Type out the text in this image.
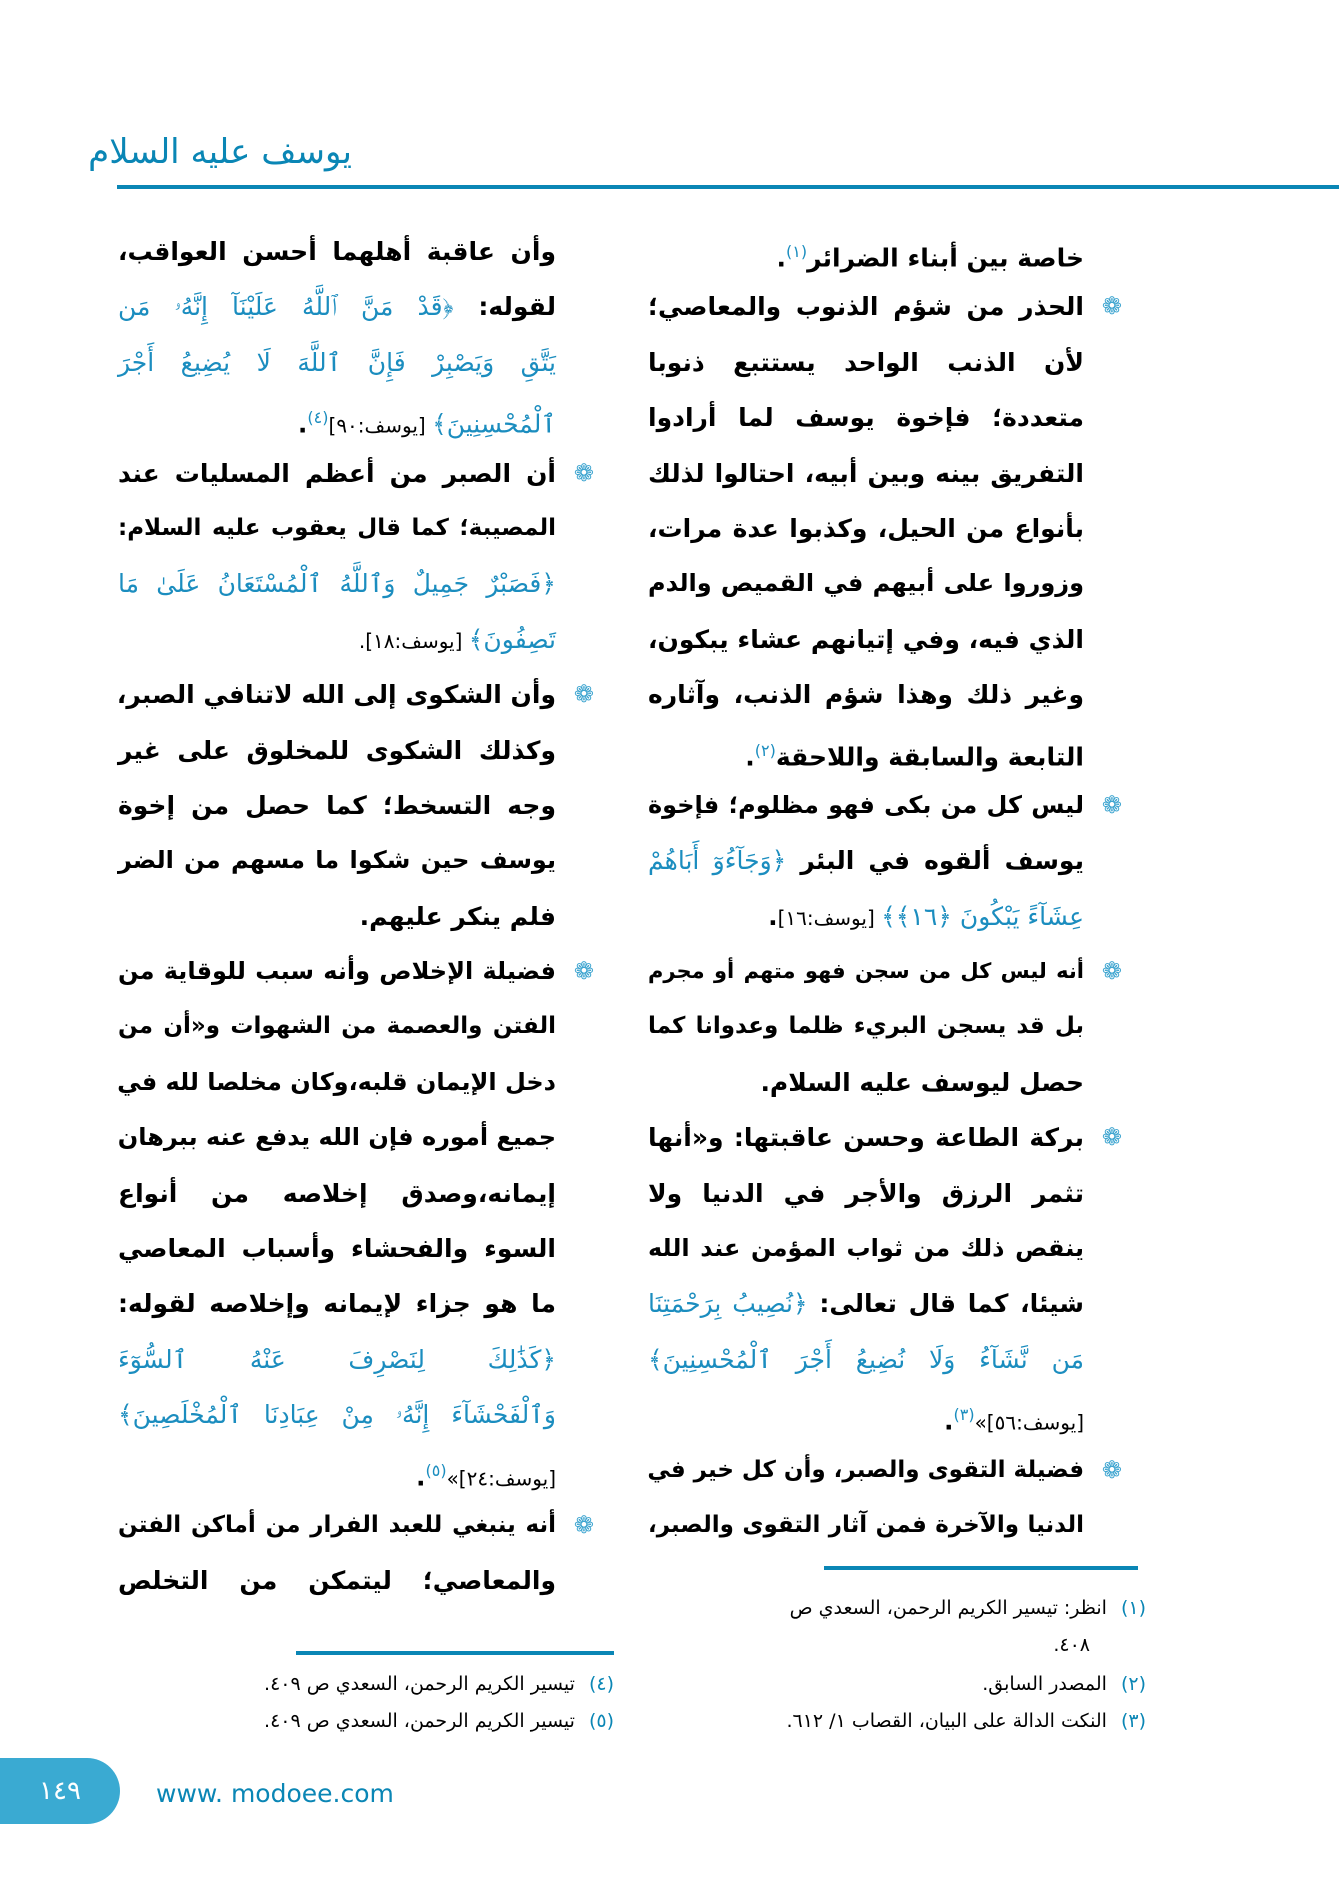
يوسف عليه السلام
خاصة بين أبناء الضرائر$^{(١)}$.
❁
الحذر من شؤم الذنوب والمعاصي؛
لأن الذنب الواحد يستتبع ذنوبا
متعددة؛ فإخوة يوسف لما أرادوا
التفريق بينه وبين أبيه، احتالوا لذلك
بأنواع من الحيل، وكذبوا عدة مرات،
وزوروا على أبيهم في القميص والدم
الذي فيه، وفي إتيانهم عشاء يبكون،
وغير ذلك وهذا شؤم الذنب، وآثاره
التابعة والسابقة واللاحقة$^{(٢)}$.
❁
ليس كل من بكى فهو مظلوم؛ فإخوة
يوسف ألقوه في البئر ﴿وَجَآءُوٓ أَبَاهُمْ
عِشَآءً يَبْكُونَ ﴿١٦﴾﴾ [يوسف:١٦].
❁
أنه ليس كل من سجن فهو متهم أو مجرم
بل قد يسجن البريء ظلما وعدوانا كما
حصل ليوسف عليه السلام.
❁
بركة الطاعة وحسن عاقبتها: و«أنها
تثمر الرزق والأجر في الدنيا ولا
ينقص ذلك من ثواب المؤمن عند الله
شيئا، كما قال تعالى: ﴿نُصِيبُ بِرَحْمَتِنَا
مَن نَّشَآءُ وَلَا نُضِيعُ أَجْرَ ٱلْمُحْسِنِينَ﴾
[يوسف:٥٦]»$^{(٣)}$.
❁
فضيلة التقوى والصبر، وأن كل خير في
الدنيا والآخرة فمن آثار التقوى والصبر،
وأن عاقبة أهلهما أحسن العواقب،
لقوله: ﴿قَدْ مَنَّ ٱللَّهُ عَلَيْنَآ إِنَّهُۥ مَن
يَتَّقِ وَيَصْبِرْ فَإِنَّ ٱللَّهَ لَا يُضِيعُ أَجْرَ
ٱلْمُحْسِنِينَ﴾ [يوسف:٩٠]$^{(٤)}$.
❁
أن الصبر من أعظم المسليات عند
المصيبة؛ كما قال يعقوب عليه السلام:
﴿فَصَبْرٌ جَمِيلٌ وَٱللَّهُ ٱلْمُسْتَعَانُ عَلَىٰ مَا
تَصِفُونَ﴾ [يوسف:١٨].
❁
وأن الشكوى إلى الله لاتنافي الصبر،
وكذلك الشكوى للمخلوق على غير
وجه التسخط؛ كما حصل من إخوة
يوسف حين شكوا ما مسهم من الضر
فلم ينكر عليهم.
❁
فضيلة الإخلاص وأنه سبب للوقاية من
الفتن والعصمة من الشهوات و«أن من
دخل الإيمان قلبه،وكان مخلصا لله في
جميع أموره فإن الله يدفع عنه ببرهان
إيمانه،وصدق إخلاصه من أنواع
السوء والفحشاء وأسباب المعاصي
ما هو جزاء لإيمانه وإخلاصه لقوله:
﴿كَذَٰلِكَ لِنَصْرِفَ عَنْهُ ٱلسُّوٓءَ
وَٱلْفَحْشَآءَ إِنَّهُۥ مِنْ عِبَادِنَا ٱلْمُخْلَصِينَ﴾
[يوسف:٢٤]»$^{(٥)}$.
❁
أنه ينبغي للعبد الفرار من أماكن الفتن
والمعاصي؛ ليتمكن من التخلص
(١)انظر: تيسير الكريم الرحمن، السعدي ص
٤٠٨.
(٢)المصدر السابق.
(٣)النكت الدالة على البيان، القصاب ١/ ٦١٢.
(٤)تيسير الكريم الرحمن، السعدي ص ٤٠٩.
(٥)تيسير الكريم الرحمن، السعدي ص ٤٠٩.
١٤٩	www. modoee.com
